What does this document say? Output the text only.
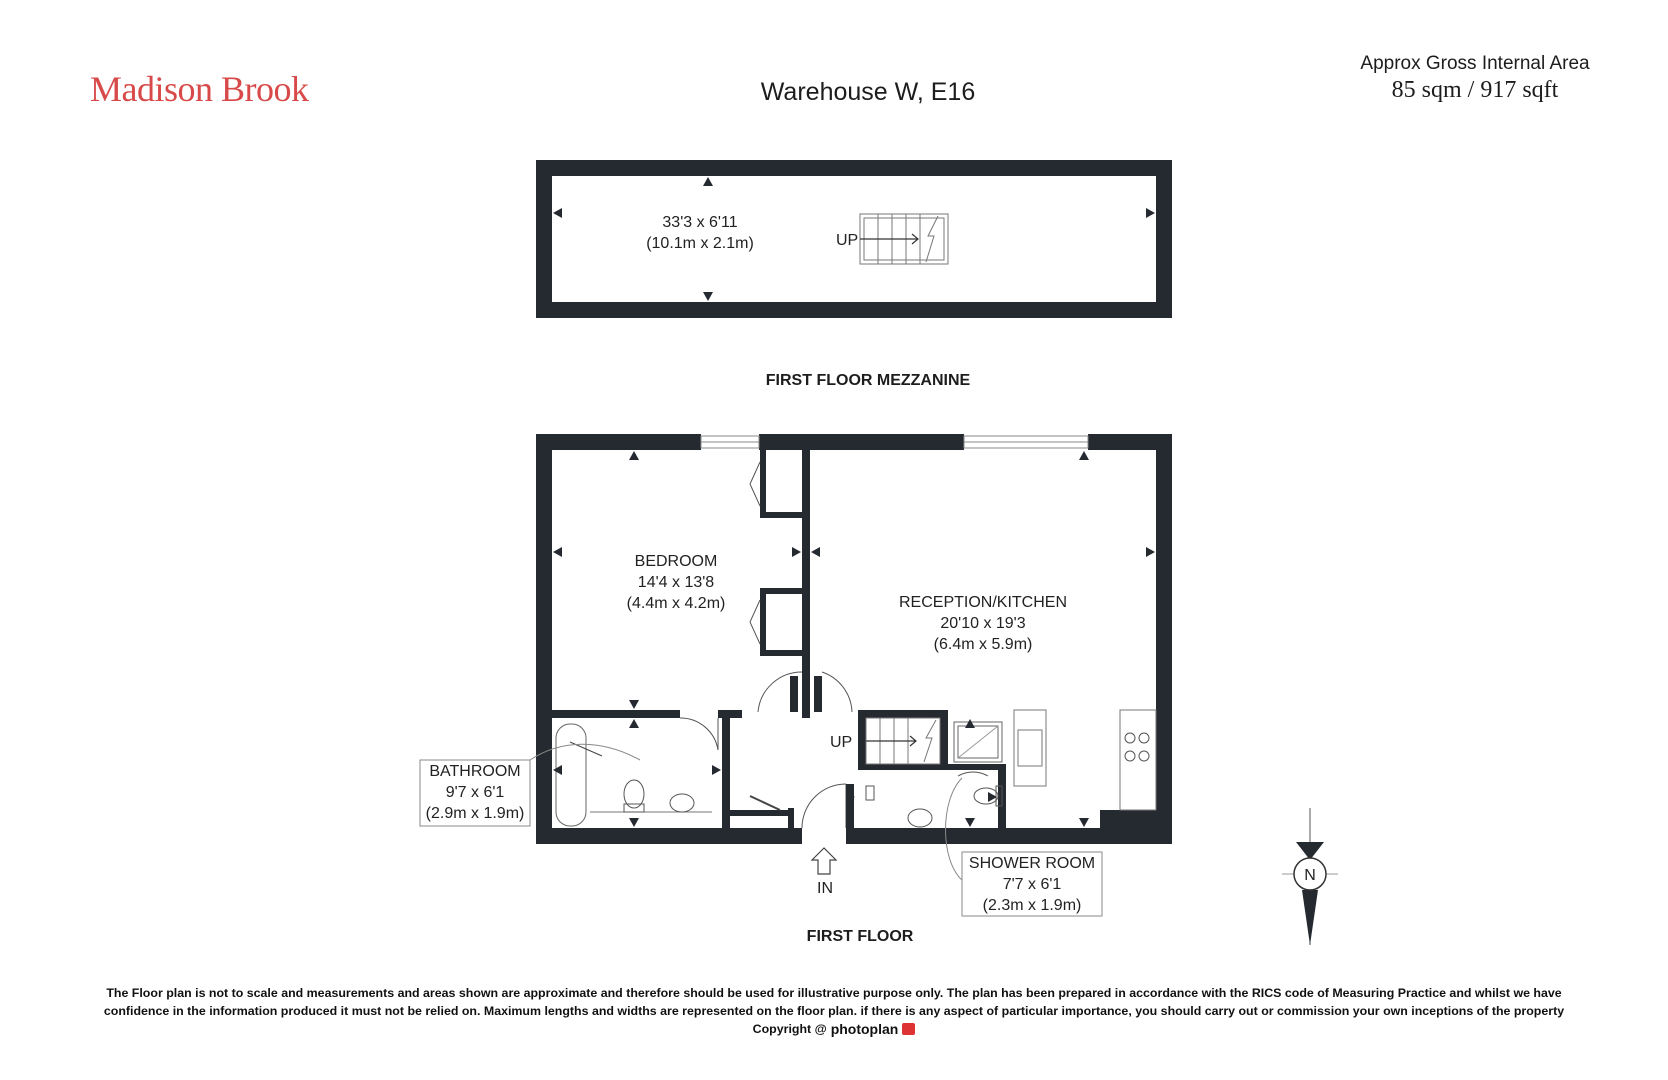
Madison Brook	Warehouse W, E16
Approx Gross Internal Area
85 sqm / 917 sqft
UP
33'3 x 6'11
(10.1m x 2.1m)
FIRST FLOOR MEZZANINE
UP
BEDROOM
14'4 x 13'8
(4.4m x 4.2m)	RECEPTION/KITCHEN
20'10 x 19'3
(6.4m x 5.9m)
BATHROOM
9'7 x 6'1
(2.9m x 1.9m)
SHOWER ROOM
7'7 x 6'1
(2.3m x 1.9m)
IN
FIRST FLOOR
N
The Floor plan is not to scale and measurements and areas shown are approximate and therefore should be used for illustrative purpose only. The plan has been prepared in accordance with the RICS code of Measuring Practice and whilst we have
confidence in the information produced it must not be relied on. Maximum lengths and widths are represented on the floor plan. if there is any aspect of particular importance, you should carry out or commission your own inceptions of the property
Copyright @ photoplan
